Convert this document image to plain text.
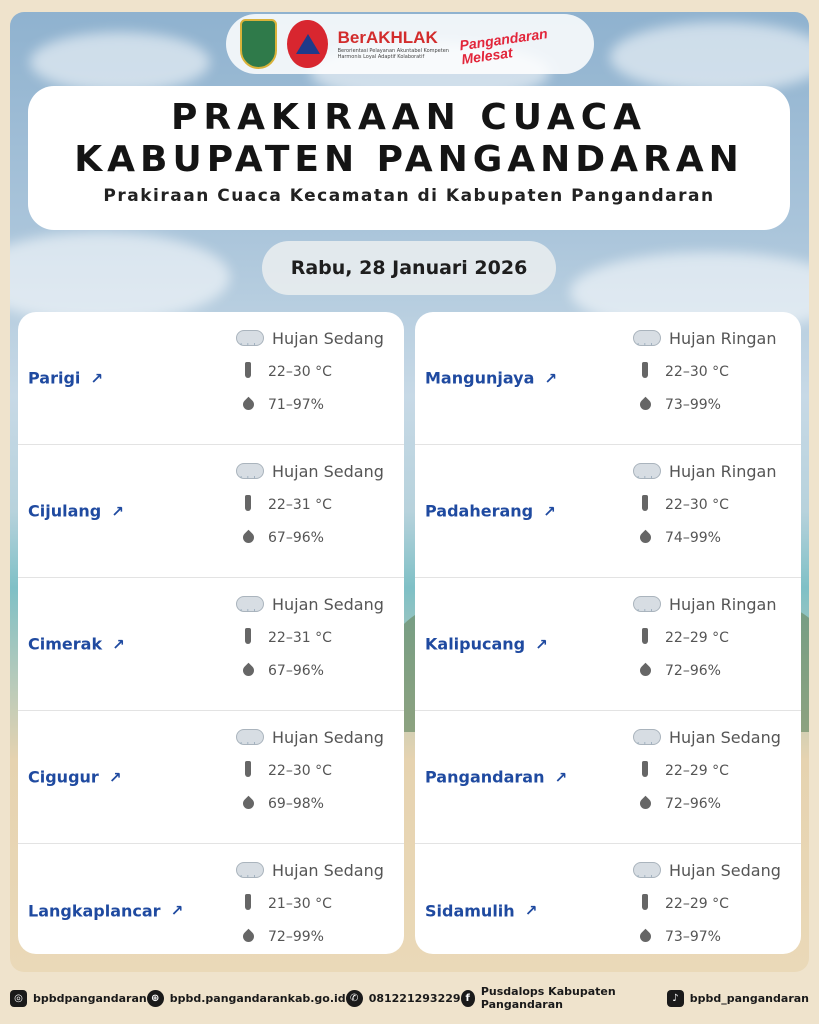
BerAKHLAK
Berorientasi Pelayanan Akuntabel Kompeten Harmonis Loyal Adaptif Kolaboratif
Pangandaran Melesat
PRAKIRAAN CUACA
KABUPATEN PANGANDARAN
Prakiraan Cuaca Kecamatan di Kabupaten Pangandaran
Rabu, 28 Januari 2026
Parigi ↗
' ' '
Hujan Sedang
22–30 °C
71–97%
Cijulang ↗
' ' '
Hujan Sedang
22–31 °C
67–96%
Cimerak ↗
' ' '
Hujan Sedang
22–31 °C
67–96%
Cigugur ↗
' ' '
Hujan Sedang
22–30 °C
69–98%
Langkaplancar ↗
' ' '
Hujan Sedang
21–30 °C
72–99%
Mangunjaya ↗
' ' '
Hujan Ringan
22–30 °C
73–99%
Padaherang ↗
' ' '
Hujan Ringan
22–30 °C
74–99%
Kalipucang ↗
' ' '
Hujan Ringan
22–29 °C
72–96%
Pangandaran ↗
' ' '
Hujan Sedang
22–29 °C
72–96%
Sidamulih ↗
' ' '
Hujan Sedang
22–29 °C
73–97%
◎ bpbdpangandaran ⊕ bpbd.pangandarankab.go.id ✆ 081221293229 f Pusdalops Kabupaten Pangandaran	♪	bpbd_pangandaran
